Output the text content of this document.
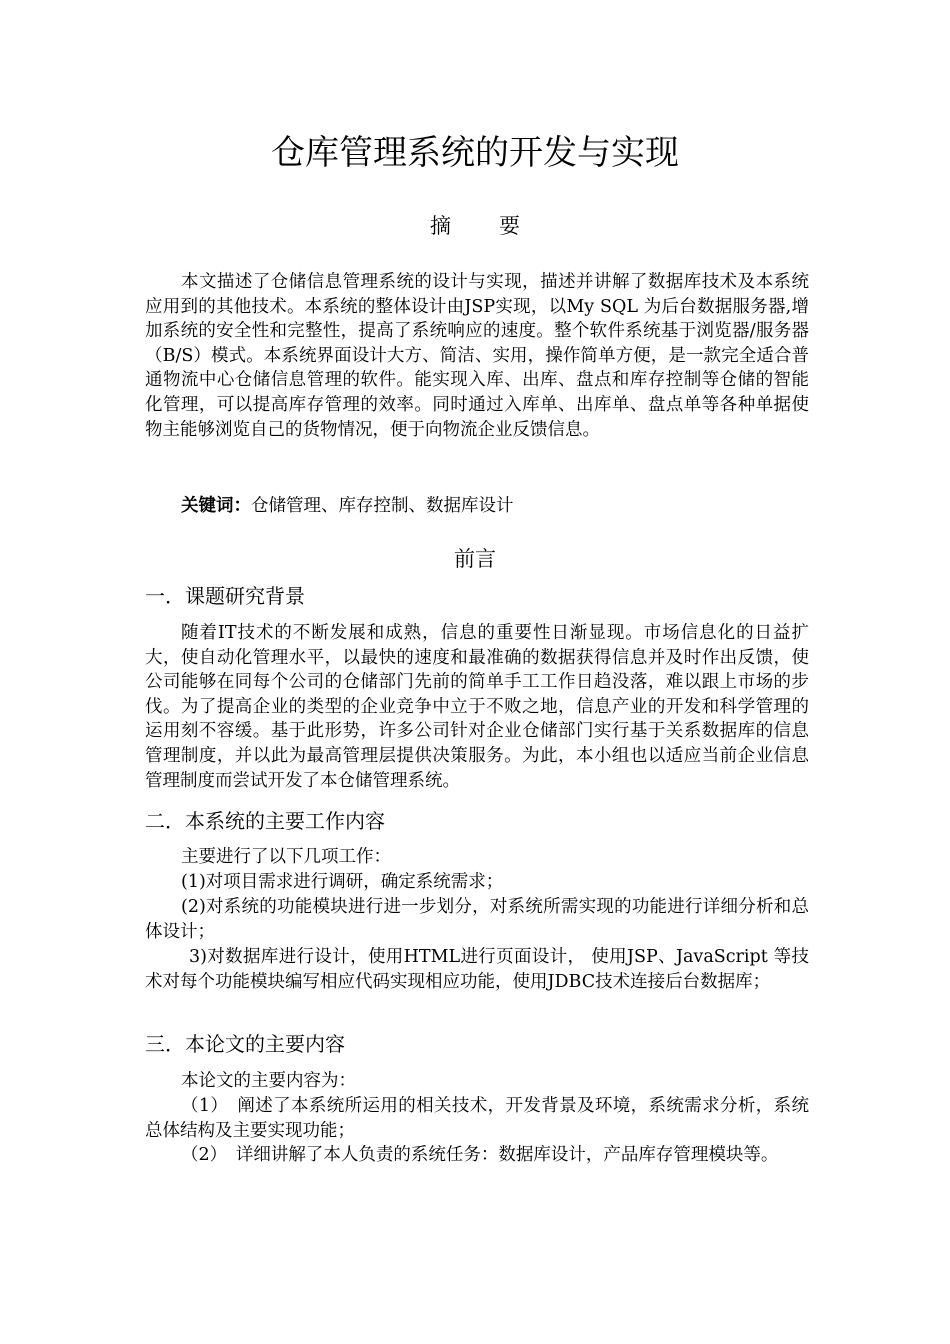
仓库管理系统的开发与实现
摘要

本文描述了仓储信息管理系统的设计与实现，描述并讲解了数据库技术及本系统应用到的其他技术。本系统的整体设计由JSP实现，以My SQL 为后台数据服务器,增加系统的安全性和完整性，提高了系统响应的速度。整个软件系统基于浏览器/服务器（B/S）模式。本系统界面设计大方、简洁、实用，操作简单方便，是一款完全适合普通物流中心仓储信息管理的软件。能实现入库、出库、盘点和库存控制等仓储的智能化管理，可以提高库存管理的效率。同时通过入库单、出库单、盘点单等各种单据使物主能够浏览自己的货物情况，便于向物流企业反馈信息。

关键词：仓储管理、库存控制、数据库设计
前言
一．课题研究背景

随着IT技术的不断发展和成熟，信息的重要性日渐显现。市场信息化的日益扩大，使自动化管理水平，以最快的速度和最准确的数据获得信息并及时作出反馈，使公司能够在同每个公司的仓储部门先前的简单手工工作日趋没落，难以跟上市场的步伐。为了提高企业的类型的企业竞争中立于不败之地，信息产业的开发和科学管理的运用刻不容缓。基于此形势，许多公司针对企业仓储部门实行基于关系数据库的信息管理制度，并以此为最高管理层提供决策服务。为此，本小组也以适应当前企业信息管理制度而尝试开发了本仓储管理系统。

二．本系统的主要工作内容
主要进行了以下几项工作：
(1)对项目需求进行调研，确定系统需求；

(2)对系统的功能模块进行进一步划分，对系统所需实现的功能进行详细分析和总体设计；

3)对数据库进行设计，使用HTML进行页面设计， 使用JSP、JavaScript 等技术对每个功能模块编写相应代码实现相应功能，使用JDBC技术连接后台数据库；

三．本论文的主要内容
本论文的主要内容为：

（1）　阐述了本系统所运用的相关技术，开发背景及环境，系统需求分析，系统总体结构及主要实现功能；

（2）　详细讲解了本人负责的系统任务：数据库设计，产品库存管理模块等。
